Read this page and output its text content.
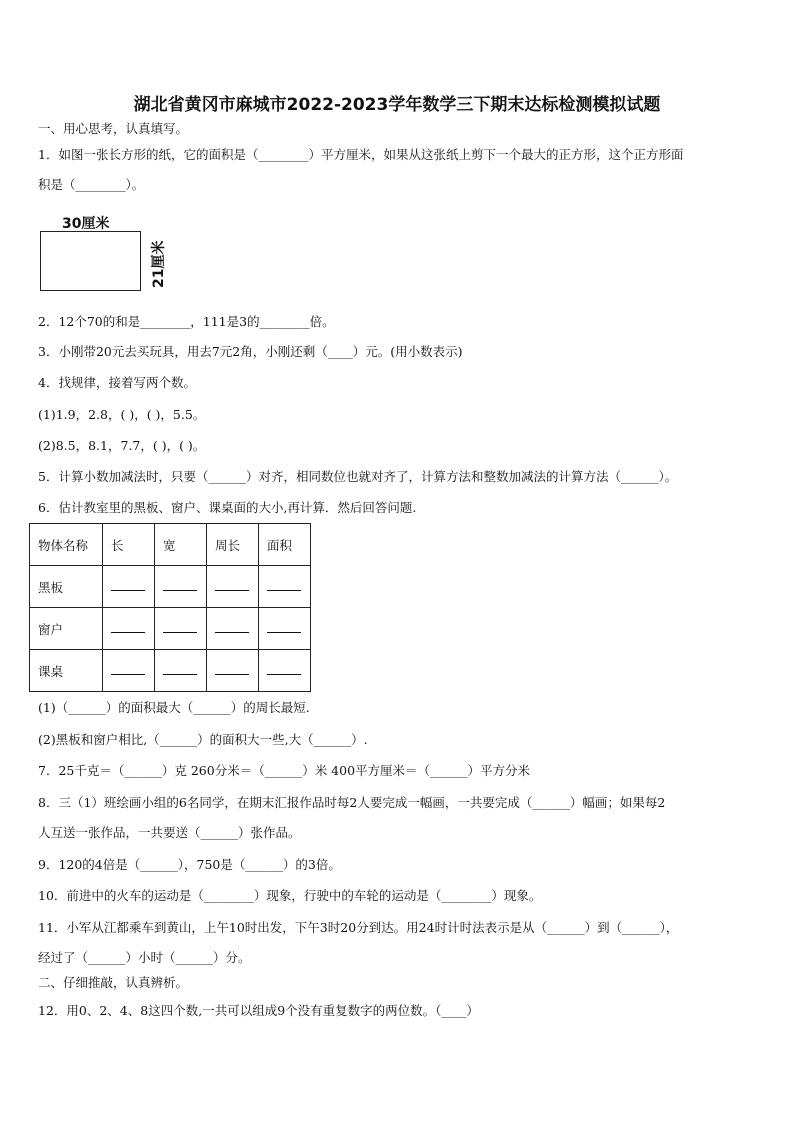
湖北省黄冈市麻城市2022-2023学年数学三下期末达标检测模拟试题
一、用心思考，认真填写。
1．如图一张长方形的纸，它的面积是（________）平方厘米，如果从这张纸上剪下一个最大的正方形，这个正方形面
积是（________）。
30厘米
21厘米
2．12个70的和是________，111是3的________倍。
3．小刚带20元去买玩具，用去7元2角，小刚还剩（____）元。(用小数表示)
4．找规律，接着写两个数。
(1)1.9，2.8，( )，( )，5.5。
(2)8.5，8.1，7.7，( )，( )。
5．计算小数加减法时，只要（______）对齐，相同数位也就对齐了，计算方法和整数加减法的计算方法（______）。
6．估计教室里的黑板、窗户、课桌面的大小,再计算．然后回答问题.
物体名称	长	宽	周长	面积
黑板				
窗户				
课桌				
(1)（______）的面积最大（______）的周长最短.
(2)黑板和窗户相比,（______）的面积大一些,大（______）.
7．25千克＝（______）克 260分米＝（______）米 400平方厘米＝（______）平方分米
8．三（1）班绘画小组的6名同学，在期末汇报作品时每2人要完成一幅画，一共要完成（______）幅画；如果每2
人互送一张作品，一共要送（______）张作品。
9．120的4倍是（______），750是（______）的3倍。
10．前进中的火车的运动是（________）现象，行驶中的车轮的运动是（________）现象。
11．小军从江都乘车到黄山，上午10时出发，下午3时20分到达。用24时计时法表示是从（______）到（______），
经过了（______）小时（______）分。
二、仔细推敲，认真辨析。
12．用0、2、4、8这四个数,一共可以组成9个没有重复数字的两位数。（____）
